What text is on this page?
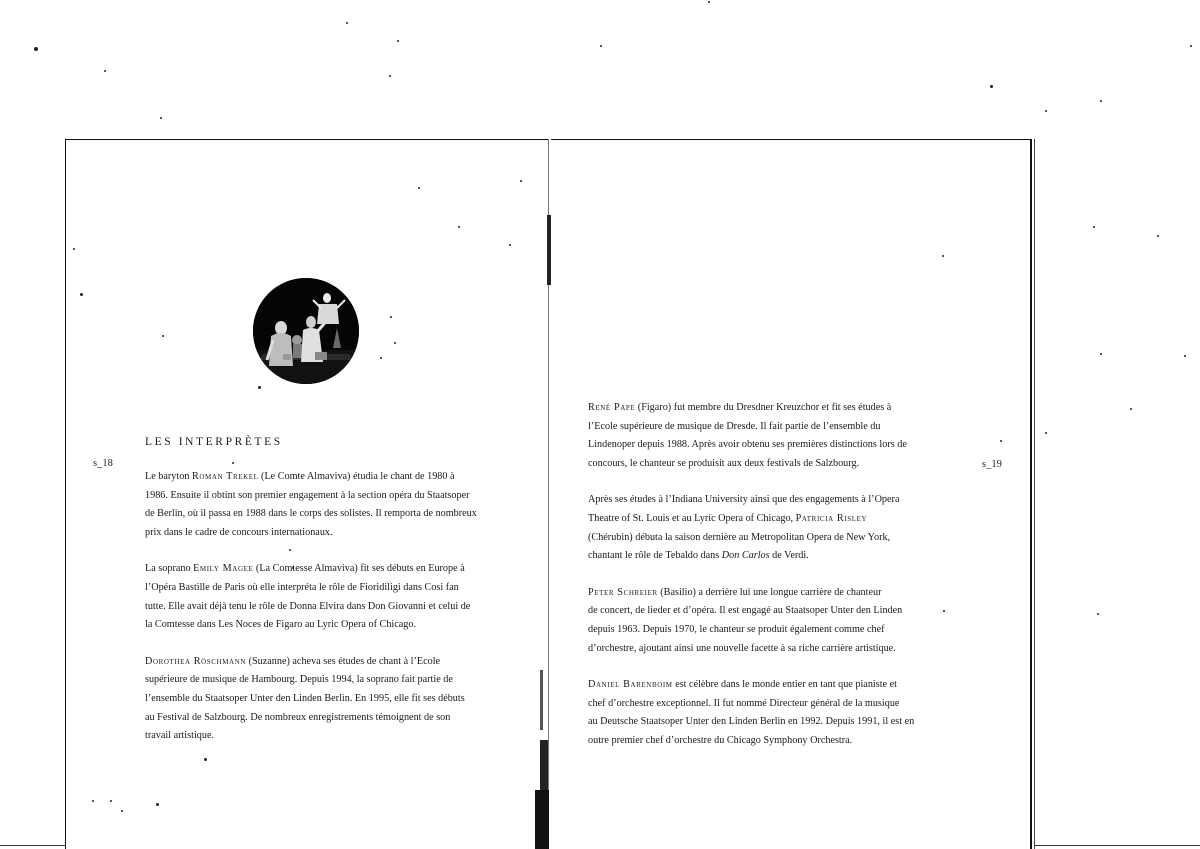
LES INTERPRÈTES
s_18	s_19
Le baryton Roman Trekel (Le Comte Almaviva) étudia le chant de 1980 à
1986. Ensuite il obtint son premier engagement à la section opéra du Staatsoper
de Berlin, où il passa en 1988 dans le corps des solistes. Il remporta de nombreux
prix dans le cadre de concours internationaux.
La soprano Emily Magee (La Comtesse Almaviva) fit ses débuts en Europe à
l’Opéra Bastille de Paris où elle interpréta le rôle de Fioridiligi dans Cosi fan
tutte. Elle avait déjà tenu le rôle de Donna Elvira dans Don Giovanni et celui de
la Comtesse dans Les Noces de Figaro au Lyric Opera of Chicago.
Dorothea Röschmann (Suzanne) acheva ses études de chant à l’Ecole
supérieure de musique de Hambourg. Depuis 1994, la soprano fait partie de
l’ensemble du Staatsoper Unter den Linden Berlin. En 1995, elle fit ses débuts
au Festival de Salzbourg. De nombreux enregistrements témoignent de son
travail artistique.
René Pape (Figaro) fut membre du Dresdner Kreuzchor et fit ses études à
l’Ecole supérieure de musique de Dresde. Il fait partie de l’ensemble du
Lindenoper depuis 1988. Après avoir obtenu ses premières distinctions lors de
concours, le chanteur se produisit aux deux festivals de Salzbourg.
Après ses études à l’Indiana University ainsi que des engagements à l’Opera
Theatre of St. Louis et au Lyric Opera of Chicago, Patricia Risley
(Chérubin) débuta la saison dernière au Metropolitan Opera de New York,
chantant le rôle de Tebaldo dans Don Carlos de Verdi.
Peter Schreier (Basilio) a derrière lui une longue carrière de chanteur
de concert, de lieder et d’opéra. Il est engagé au Staatsoper Unter den Linden
depuis 1963. Depuis 1970, le chanteur se produit également comme chef
d’orchestre, ajoutant ainsi une nouvelle facette à sa riche carrière artistique.
Daniel Barenboim est célèbre dans le monde entier en tant que pianiste et
chef d’orchestre exceptionnel. Il fut nommé Directeur général de la musique
au Deutsche Staatsoper Unter den Linden Berlin en 1992. Depuis 1991, il est en
outre premier chef d’orchestre du Chicago Symphony Orchestra.
